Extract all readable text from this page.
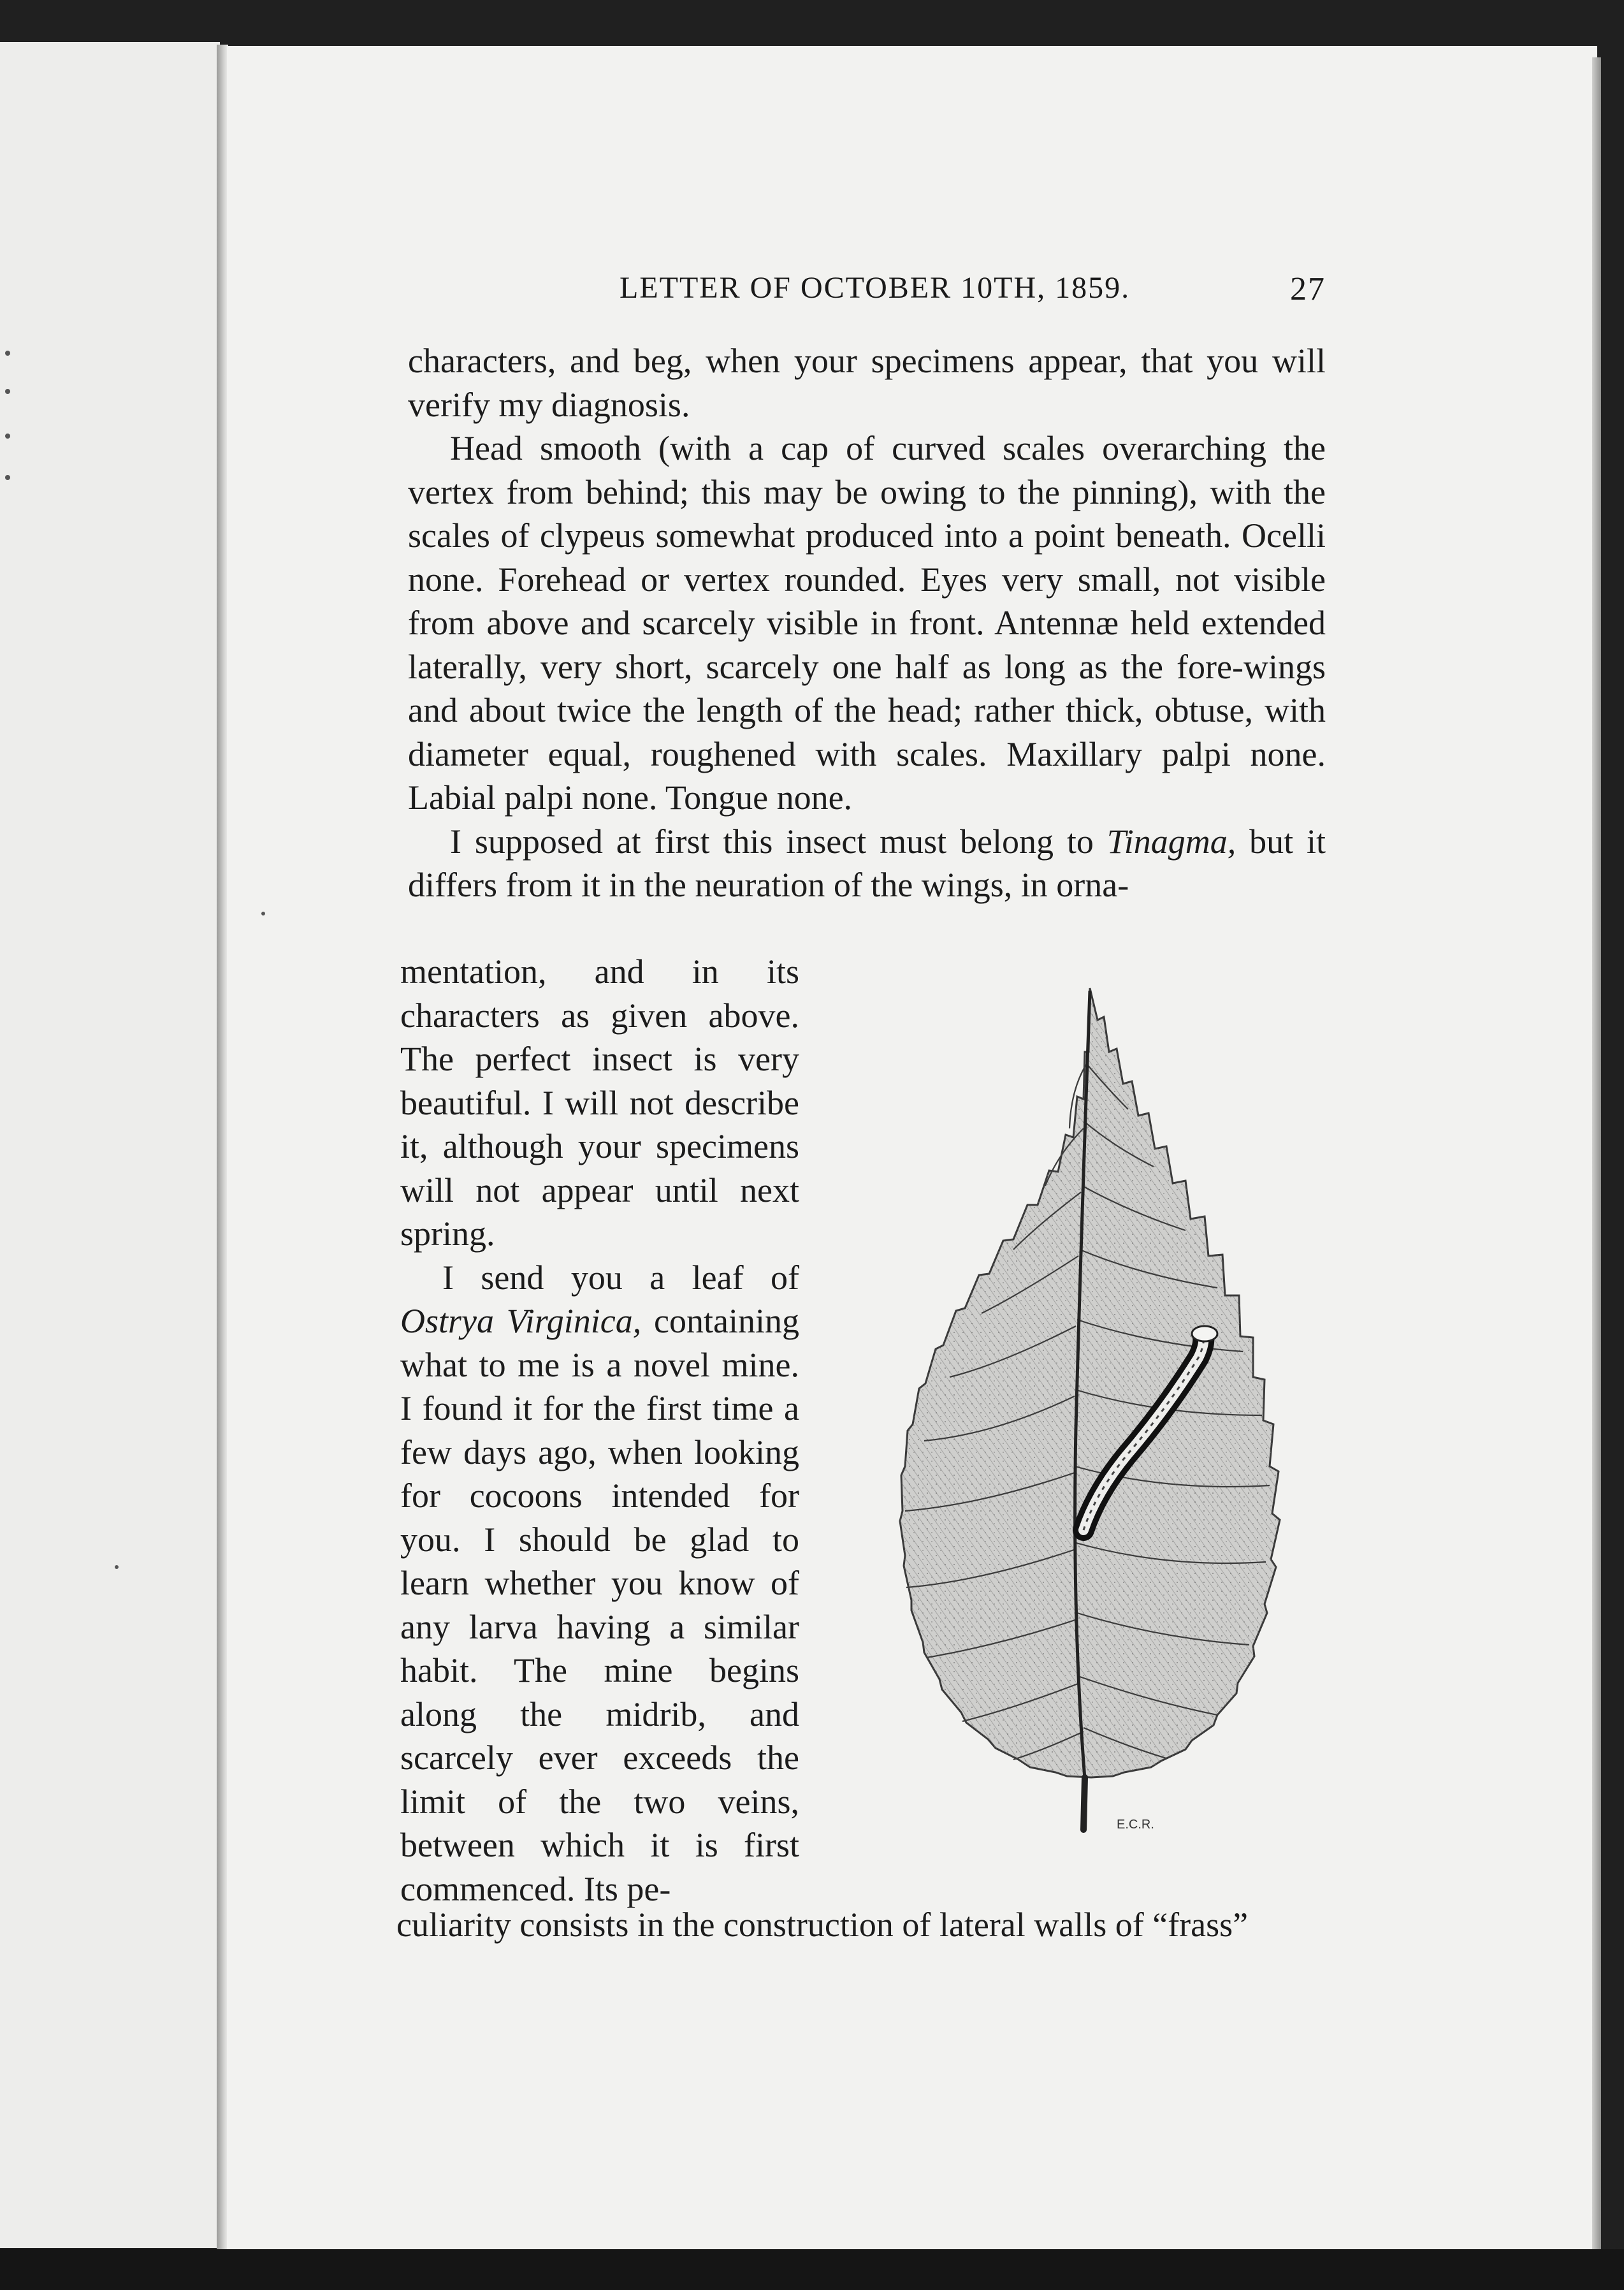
LETTER OF OCTOBER 10TH, 1859.	27

characters, and beg, when your specimens appear, that you will verify my diagnosis.

Head smooth (with a cap of curved scales overarching the vertex from behind; this may be owing to the pinning), with the scales of clypeus somewhat produced into a point beneath. Ocelli none. Forehead or vertex rounded. Eyes very small, not visible from above and scarcely visible in front. Antennæ held extended laterally, very short, scarcely one half as long as the fore-wings and about twice the length of the head; rather thick, obtuse, with diameter equal, roughened with scales. Maxillary palpi none. Labial palpi none. Tongue none.

I supposed at first this insect must belong to Tinagma, but it differs from it in the neuration of the wings, in orna-

mentation, and in its characters as given above. The perfect insect is very beautiful. I will not describe it, although your specimens will not appear until next spring.

I send you a leaf of Ostrya Virginica, containing what to me is a novel mine. I found it for the first time a few days ago, when looking for cocoons intended for you. I should be glad to learn whether you know of any larva having a similar habit. The mine begins along the midrib, and scarcely ever exceeds the limit of the two veins, between which it is first commenced. Its pe-

culiarity consists in the construction of lateral walls of “frass”
E.C.R.
